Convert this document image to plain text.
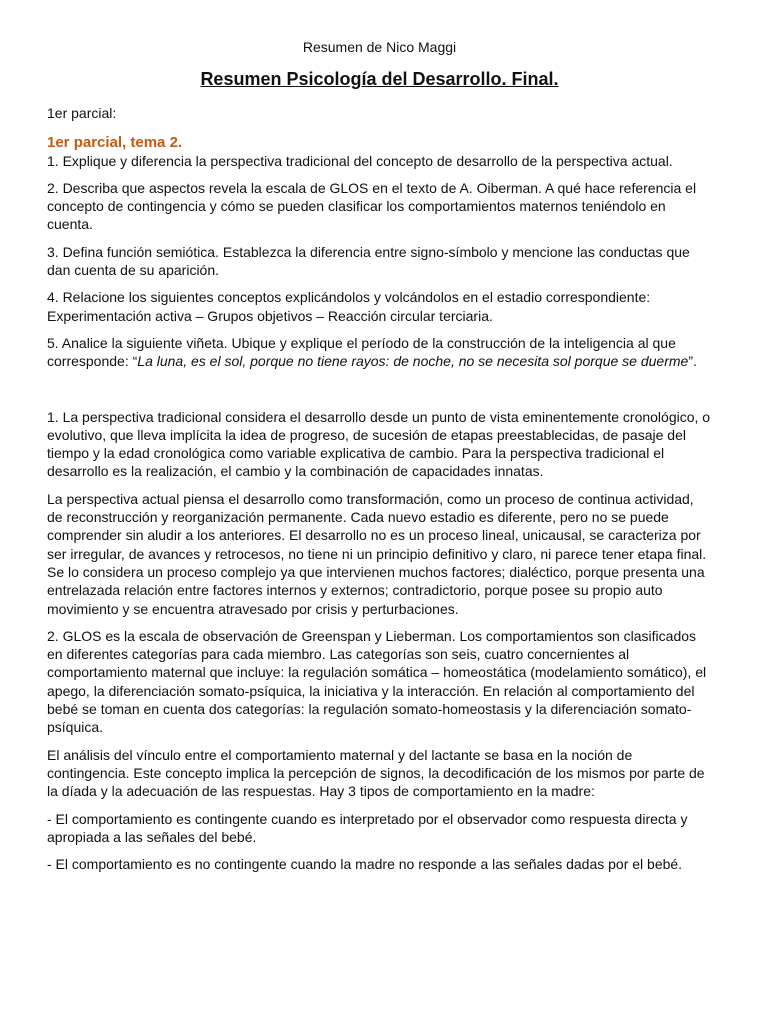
Resumen de Nico Maggi
Resumen Psicología del Desarrollo. Final.
1er parcial:
1er parcial, tema 2.

1. Explique y diferencia la perspectiva tradicional del concepto de desarrollo de la perspectiva actual.

2. Describa que aspectos revela la escala de GLOS en el texto de A. Oiberman. A qué hace referencia el concepto de contingencia y cómo se pueden clasificar los comportamientos maternos teniéndolo en cuenta.

3. Defina función semiótica. Establezca la diferencia entre signo-símbolo y mencione las conductas que dan cuenta de su aparición.

4. Relacione los siguientes conceptos explicándolos y volcándolos en el estadio correspondiente: Experimentación activa – Grupos objetivos – Reacción circular terciaria.

5. Analice la siguiente viñeta. Ubique y explique el período de la construcción de la inteligencia al que corresponde: “La luna, es el sol, porque no tiene rayos: de noche, no se necesita sol porque se duerme”.

1. La perspectiva tradicional considera el desarrollo desde un punto de vista eminentemente cronológico, o evolutivo, que lleva implícita la idea de progreso, de sucesión de etapas preestablecidas, de pasaje del tiempo y la edad cronológica como variable explicativa de cambio. Para la perspectiva tradicional el desarrollo es la realización, el cambio y la combinación de capacidades innatas.

La perspectiva actual piensa el desarrollo como transformación, como un proceso de continua actividad, de reconstrucción y reorganización permanente. Cada nuevo estadio es diferente, pero no se puede comprender sin aludir a los anteriores. El desarrollo no es un proceso lineal, unicausal, se caracteriza por ser irregular, de avances y retrocesos, no tiene ni un principio definitivo y claro, ni parece tener etapa final. Se lo considera un proceso complejo ya que intervienen muchos factores; dialéctico, porque presenta una entrelazada relación entre factores internos y externos; contradictorio, porque posee su propio auto movimiento y se encuentra atravesado por crisis y perturbaciones.

2. GLOS es la escala de observación de Greenspan y Lieberman. Los comportamientos son clasificados en diferentes categorías para cada miembro. Las categorías son seis, cuatro concernientes al comportamiento maternal que incluye: la regulación somática – homeostática (modelamiento somático), el apego, la diferenciación somato-psíquica, la iniciativa y la interacción. En relación al comportamiento del bebé se toman en cuenta dos categorías: la regulación somato-homeostasis y la diferenciación somato-psíquica.

El análisis del vínculo entre el comportamiento maternal y del lactante se basa en la noción de contingencia. Este concepto implica la percepción de signos, la decodificación de los mismos por parte de la díada y la adecuación de las respuestas. Hay 3 tipos de comportamiento en la madre:

- El comportamiento es contingente cuando es interpretado por el observador como respuesta directa y apropiada a las señales del bebé.

- El comportamiento es no contingente cuando la madre no responde a las señales dadas por el bebé.
